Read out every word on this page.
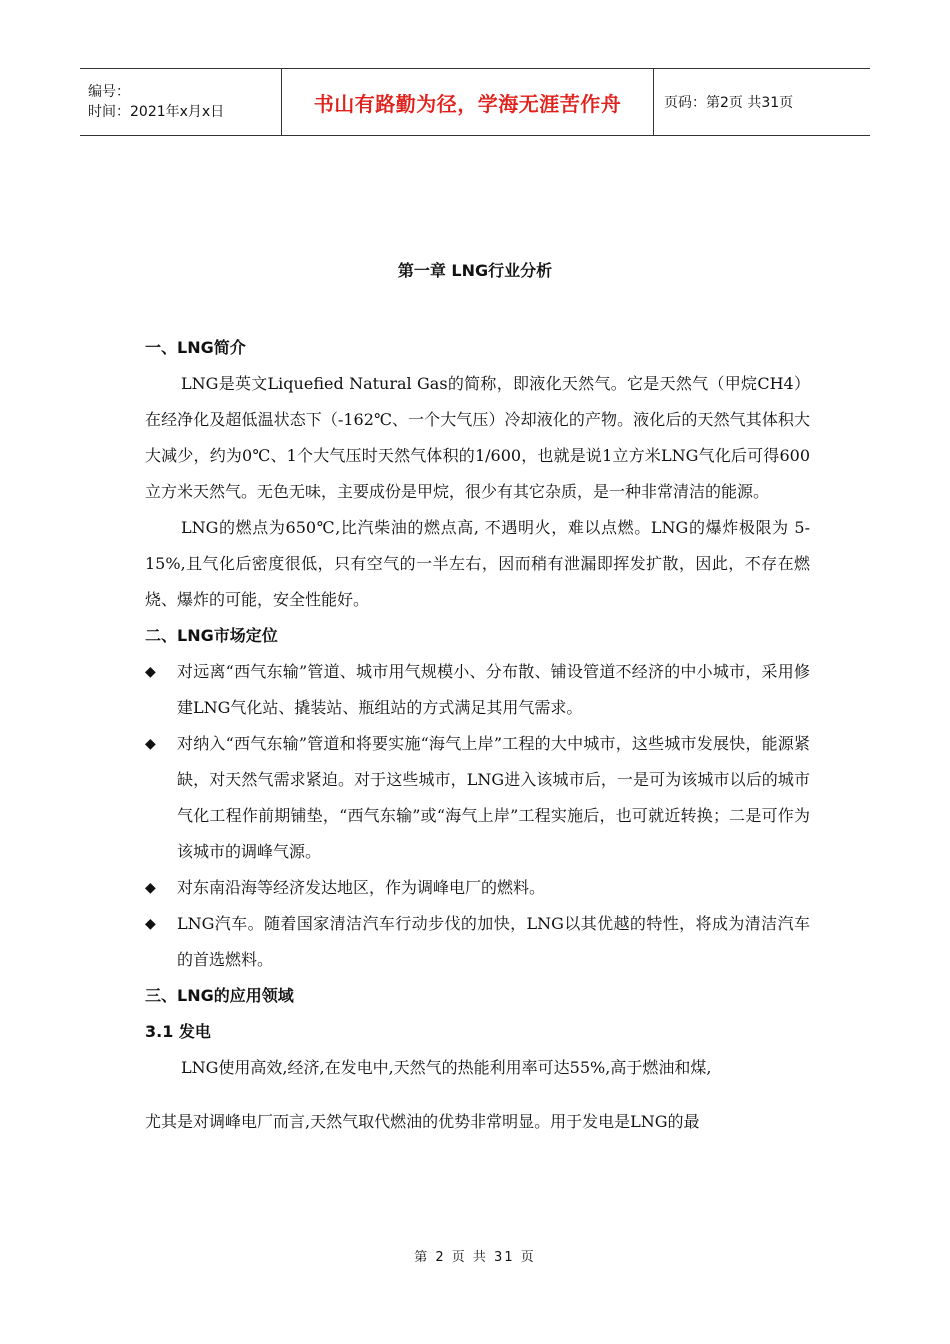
编号：
时间：2021年x月x日	书山有路勤为径，学海无涯苦作舟	页码：第2页 共31页
第一章 LNG行业分析
一、LNG简介

LNG是英文Liquefied Natural Gas的简称，即液化天然气。它是天然气（甲烷CH4）在经净化及超低温状态下（-162℃、一个大气压）冷却液化的产物。液化后的天然气其体积大大减少，约为0℃、1个大气压时天然气体积的1/600，也就是说1立方米LNG气化后可得600立方米天然气。无色无味，主要成份是甲烷，很少有其它杂质，是一种非常清洁的能源。

LNG的燃点为650℃,比汽柴油的燃点高, 不遇明火，难以点燃。LNG的爆炸极限为 5-15%,且气化后密度很低，只有空气的一半左右，因而稍有泄漏即挥发扩散，因此，不存在燃烧、爆炸的可能，安全性能好。

二、LNG市场定位

◆ 对远离“西气东输”管道、城市用气规模小、分布散、铺设管道不经济的中小城市，采用修建LNG气化站、撬装站、瓶组站的方式满足其用气需求。

◆ 对纳入“西气东输”管道和将要实施“海气上岸”工程的大中城市，这些城市发展快，能源紧缺，对天然气需求紧迫。对于这些城市，LNG进入该城市后，一是可为该城市以后的城市气化工程作前期铺垫，“西气东输”或“海气上岸”工程实施后，也可就近转换；二是可作为该城市的调峰气源。

◆ 对东南沿海等经济发达地区，作为调峰电厂的燃料。

◆ LNG汽车。随着国家清洁汽车行动步伐的加快，LNG以其优越的特性，将成为清洁汽车的首选燃料。

三、LNG的应用领域
3.1 发电

LNG使用高效,经济,在发电中,天然气的热能利用率可达55%,高于燃油和煤,

尤其是对调峰电厂而言,天然气取代燃油的优势非常明显。用于发电是LNG的最

第 2 页 共 31 页
